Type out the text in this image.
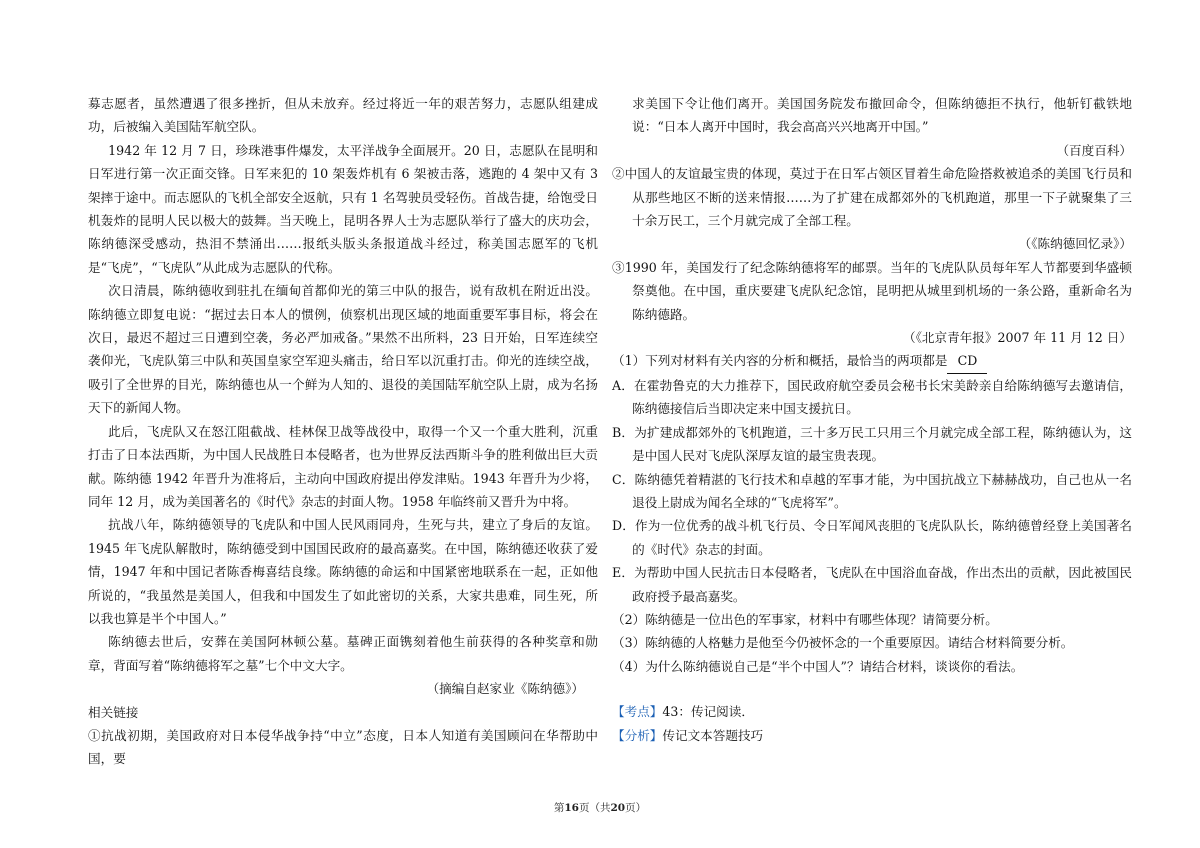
募志愿者，虽然遭遇了很多挫折，但从未放弃。经过将近一年的艰苦努力，志愿队组建成功，后被编入美国陆军航空队。

1942 年 12 月 7 日，珍珠港事件爆发，太平洋战争全面展开。20 日，志愿队在昆明和日军进行第一次正面交锋。日军来犯的 10 架轰炸机有 6 架被击落，逃跑的 4 架中又有 3 架摔于途中。而志愿队的飞机全部安全返航，只有 1 名驾驶员受轻伤。首战告捷，给饱受日机轰炸的昆明人民以极大的鼓舞。当天晚上，昆明各界人士为志愿队举行了盛大的庆功会，陈纳德深受感动，热泪不禁涌出……报纸头版头条报道战斗经过，称美国志愿军的飞机是“飞虎”，“飞虎队”从此成为志愿队的代称。

次日清晨，陈纳德收到驻扎在缅甸首都仰光的第三中队的报告，说有敌机在附近出没。陈纳德立即复电说：“据过去日本人的惯例，侦察机出现区域的地面重要军事目标，将会在次日，最迟不超过三日遭到空袭，务必严加戒备。”果然不出所料，23 日开始，日军连续空袭仰光，飞虎队第三中队和英国皇家空军迎头痛击，给日军以沉重打击。仰光的连续空战，吸引了全世界的目光，陈纳德也从一个鲜为人知的、退役的美国陆军航空队上尉，成为名扬天下的新闻人物。

此后，飞虎队又在怒江阻截战、桂林保卫战等战役中，取得一个又一个重大胜利，沉重打击了日本法西斯，为中国人民战胜日本侵略者，也为世界反法西斯斗争的胜利做出巨大贡献。陈纳德 1942 年晋升为准将后，主动向中国政府提出停发津贴。1943 年晋升为少将，同年 12 月，成为美国著名的《时代》杂志的封面人物。1958 年临终前又晋升为中将。

抗战八年，陈纳德领导的飞虎队和中国人民风雨同舟，生死与共，建立了身后的友谊。1945 年飞虎队解散时，陈纳德受到中国国民政府的最高嘉奖。在中国，陈纳德还收获了爱情，1947 年和中国记者陈香梅喜结良缘。陈纳德的命运和中国紧密地联系在一起，正如他所说的，“我虽然是美国人，但我和中国发生了如此密切的关系，大家共患难，同生死，所以我也算是半个中国人。”

陈纳德去世后，安葬在美国阿林顿公墓。墓碑正面镌刻着他生前获得的各种奖章和勋章，背面写着“陈纳德将军之墓”七个中文大字。

（摘编自赵家业《陈纳德》）

相关链接

①抗战初期，美国政府对日本侵华战争持“中立”态度，日本人知道有美国顾问在华帮助中国，要

求美国下令让他们离开。美国国务院发布撤回命令，但陈纳德拒不执行，他斩钉截铁地说：“日本人离开中国时，我会高高兴兴地离开中国。”

（百度百科）

②中国人的友谊最宝贵的体现，莫过于在日军占领区冒着生命危险搭救被追杀的美国飞行员和从那些地区不断的送来情报……为了扩建在成都郊外的飞机跑道，那里一下子就聚集了三十余万民工，三个月就完成了全部工程。

（《陈纳德回忆录》）

③1990 年，美国发行了纪念陈纳德将军的邮票。当年的飞虎队队员每年军人节都要到华盛顿祭奠他。在中国，重庆要建飞虎队纪念馆，昆明把从城里到机场的一条公路，重新命名为陈纳德路。

（《北京青年报》2007 年 11 月 12 日）

（1）下列对材料有关内容的分析和概括，最恰当的两项都是 CD

A．在霍勃鲁克的大力推荐下，国民政府航空委员会秘书长宋美龄亲自给陈纳德写去邀请信，陈纳德接信后当即决定来中国支援抗日。

B．为扩建成都郊外的飞机跑道，三十多万民工只用三个月就完成全部工程，陈纳德认为，这是中国人民对飞虎队深厚友谊的最宝贵表现。

C．陈纳德凭着精湛的飞行技术和卓越的军事才能，为中国抗战立下赫赫战功，自己也从一名退役上尉成为闻名全球的“飞虎将军”。

D．作为一位优秀的战斗机飞行员、令日军闻风丧胆的飞虎队队长，陈纳德曾经登上美国著名的《时代》杂志的封面。

E．为帮助中国人民抗击日本侵略者，飞虎队在中国浴血奋战，作出杰出的贡献，因此被国民政府授予最高嘉奖。

（2）陈纳德是一位出色的军事家，材料中有哪些体现？请简要分析。

（3）陈纳德的人格魅力是他至今仍被怀念的一个重要原因。请结合材料简要分析。

（4）为什么陈纳德说自己是“半个中国人”？请结合材料，谈谈你的看法。

【考点】43：传记阅读．

【分析】传记文本答题技巧

第16页（共20页）
